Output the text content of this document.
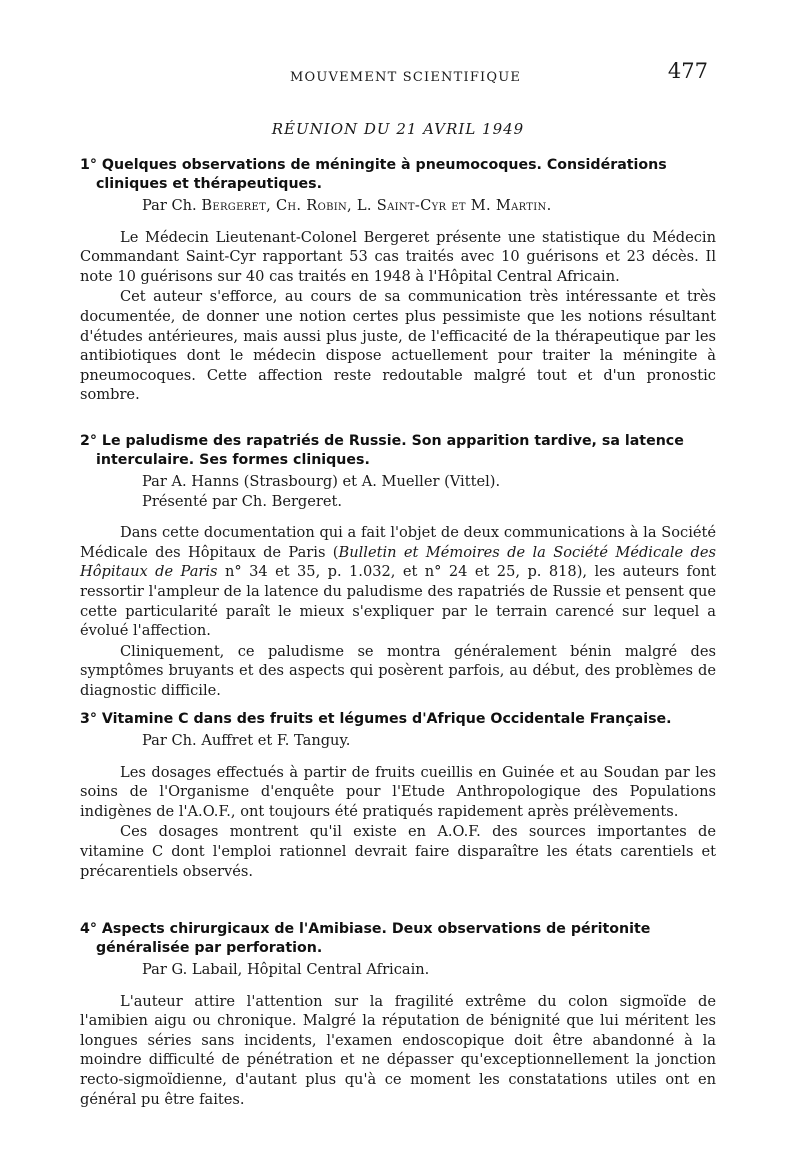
MOUVEMENT SCIENTIFIQUE	477
RÉUNION DU 21 AVRIL 1949

1° Quelques observations de méningite à pneumocoques. Considérations cliniques et thérapeutiques.

Par Ch. Bergeret, Ch. Robin, L. Saint-Cyr et M. Martin.

Le Médecin Lieutenant-Colonel Bergeret présente une statistique du Médecin Commandant Saint-Cyr rapportant 53 cas traités avec 10 guérisons et 23 décès. Il note 10 guérisons sur 40 cas traités en 1948 à l'Hôpital Central Africain.

Cet auteur s'efforce, au cours de sa communication très intéressante et très documentée, de donner une notion certes plus pessimiste que les notions résultant d'études antérieures, mais aussi plus juste, de l'efficacité de la thérapeutique par les antibiotiques dont le médecin dispose actuellement pour traiter la méningite à pneumocoques. Cette affection reste redoutable malgré tout et d'un pronostic sombre.

2° Le paludisme des rapatriés de Russie. Son apparition tardive, sa latence interculaire. Ses formes cliniques.

Par A. Hanns (Strasbourg) et A. Mueller (Vittel).
Présenté par Ch. Bergeret.

Dans cette documentation qui a fait l'objet de deux communications à la Société Médicale des Hôpitaux de Paris (Bulletin et Mémoires de la Société Médicale des Hôpitaux de Paris n° 34 et 35, p. 1.032, et n° 24 et 25, p. 818), les auteurs font ressortir l'ampleur de la latence du paludisme des rapatriés de Russie et pensent que cette particularité paraît le mieux s'expliquer par le terrain carencé sur lequel a évolué l'affection.

Cliniquement, ce paludisme se montra généralement bénin malgré des symptômes bruyants et des aspects qui posèrent parfois, au début, des problèmes de diagnostic difficile.

3° Vitamine C dans des fruits et légumes d'Afrique Occidentale Française.

Par Ch. Auffret et F. Tanguy.

Les dosages effectués à partir de fruits cueillis en Guinée et au Soudan par les soins de l'Organisme d'enquête pour l'Etude Anthropologique des Populations indigènes de l'A.O.F., ont toujours été pratiqués rapidement après prélèvements.

Ces dosages montrent qu'il existe en A.O.F. des sources importantes de vitamine C dont l'emploi rationnel devrait faire disparaître les états carentiels et précarentiels observés.

4° Aspects chirurgicaux de l'Amibiase. Deux observations de péritonite généralisée par perforation.

Par G. Labail, Hôpital Central Africain.

L'auteur attire l'attention sur la fragilité extrême du colon sigmoïde de l'amibien aigu ou chronique. Malgré la réputation de bénignité que lui méritent les longues séries sans incidents, l'examen endoscopique doit être abandonné à la moindre difficulté de pénétration et ne dépasser qu'exceptionnellement la jonction recto-sigmoïdienne, d'autant plus qu'à ce moment les constatations utiles ont en général pu être faites.
